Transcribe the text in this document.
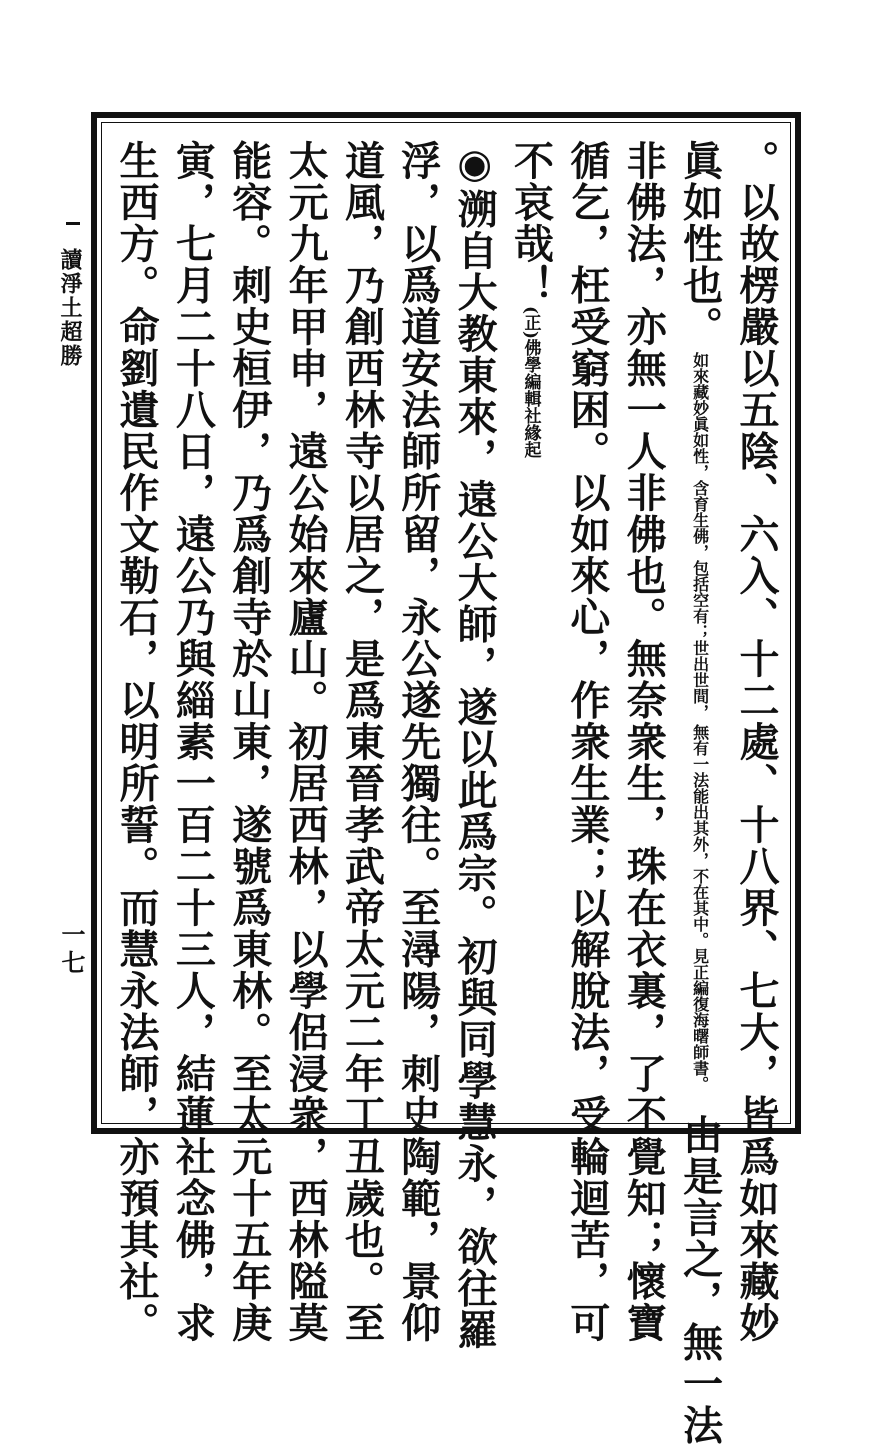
讀淨土超勝
一七	。以故楞嚴以五陰、六入、十二處、十八界、七大，皆爲如來藏妙
眞如性也。如來藏妙眞如性，含育生佛，包括空有；世出世間，無有一法能出其外，不在其中。見正編復海曙師書。由是言之，無一法
非佛法，亦無一人非佛也。無奈衆生，珠在衣裏，了不覺知；懷寶
循乞，枉受窮困。以如來心，作衆生業；以解脫法，受輪迴苦，可
不哀哉！(正)佛學編輯社緣起
◉溯自大教東來，遠公大師，遂以此爲宗。初與同學慧永，欲往羅
浮，以爲道安法師所留，永公遂先獨往。至潯陽，刺史陶範，景仰
道風，乃創西林寺以居之，是爲東晉孝武帝太元二年丁丑歲也。至
太元九年甲申，遠公始來廬山。初居西林，以學侶浸衆，西林隘莫
能容。刺史桓伊，乃爲創寺於山東，遂號爲東林。至太元十五年庚
寅，七月二十八日，遠公乃與緇素一百二十三人，結蓮社念佛，求
生西方。命劉遺民作文勒石，以明所誓。而慧永法師，亦預其社。
